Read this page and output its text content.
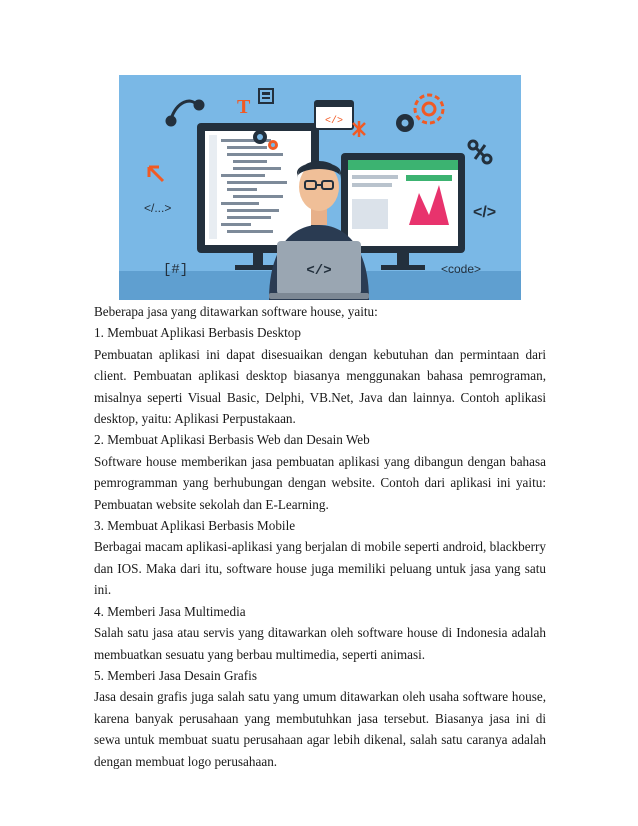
</>
T
</>
</...>	</>
[#]	<code>

Beberapa jasa yang ditawarkan software house, yaitu:

1. Membuat Aplikasi Berbasis Desktop

Pembuatan aplikasi ini dapat disesuaikan dengan kebutuhan dan permintaan dari client. Pembuatan aplikasi desktop biasanya menggunakan bahasa pemrograman, misalnya seperti Visual Basic, Delphi, VB.Net, Java dan lainnya. Contoh aplikasi desktop, yaitu: Aplikasi Perpustakaan.

2. Membuat Aplikasi Berbasis Web dan Desain Web

Software house memberikan jasa pembuatan aplikasi yang dibangun dengan bahasa pemrogramman yang berhubungan dengan website. Contoh dari aplikasi ini yaitu: Pembuatan website sekolah dan E-Learning.

3. Membuat Aplikasi Berbasis Mobile

Berbagai macam aplikasi-aplikasi yang berjalan di mobile seperti android, blackberry dan IOS. Maka dari itu, software house juga memiliki peluang untuk jasa yang satu ini.

4. Memberi Jasa Multimedia

Salah satu jasa atau servis yang ditawarkan oleh software house di Indonesia adalah membuatkan sesuatu yang berbau multimedia, seperti animasi.

5. Memberi Jasa Desain Grafis

Jasa desain grafis juga salah satu yang umum ditawarkan oleh usaha software house, karena banyak perusahaan yang membutuhkan jasa tersebut. Biasanya jasa ini di sewa untuk membuat suatu perusahaan agar lebih dikenal, salah satu caranya adalah dengan membuat logo perusahaan.
